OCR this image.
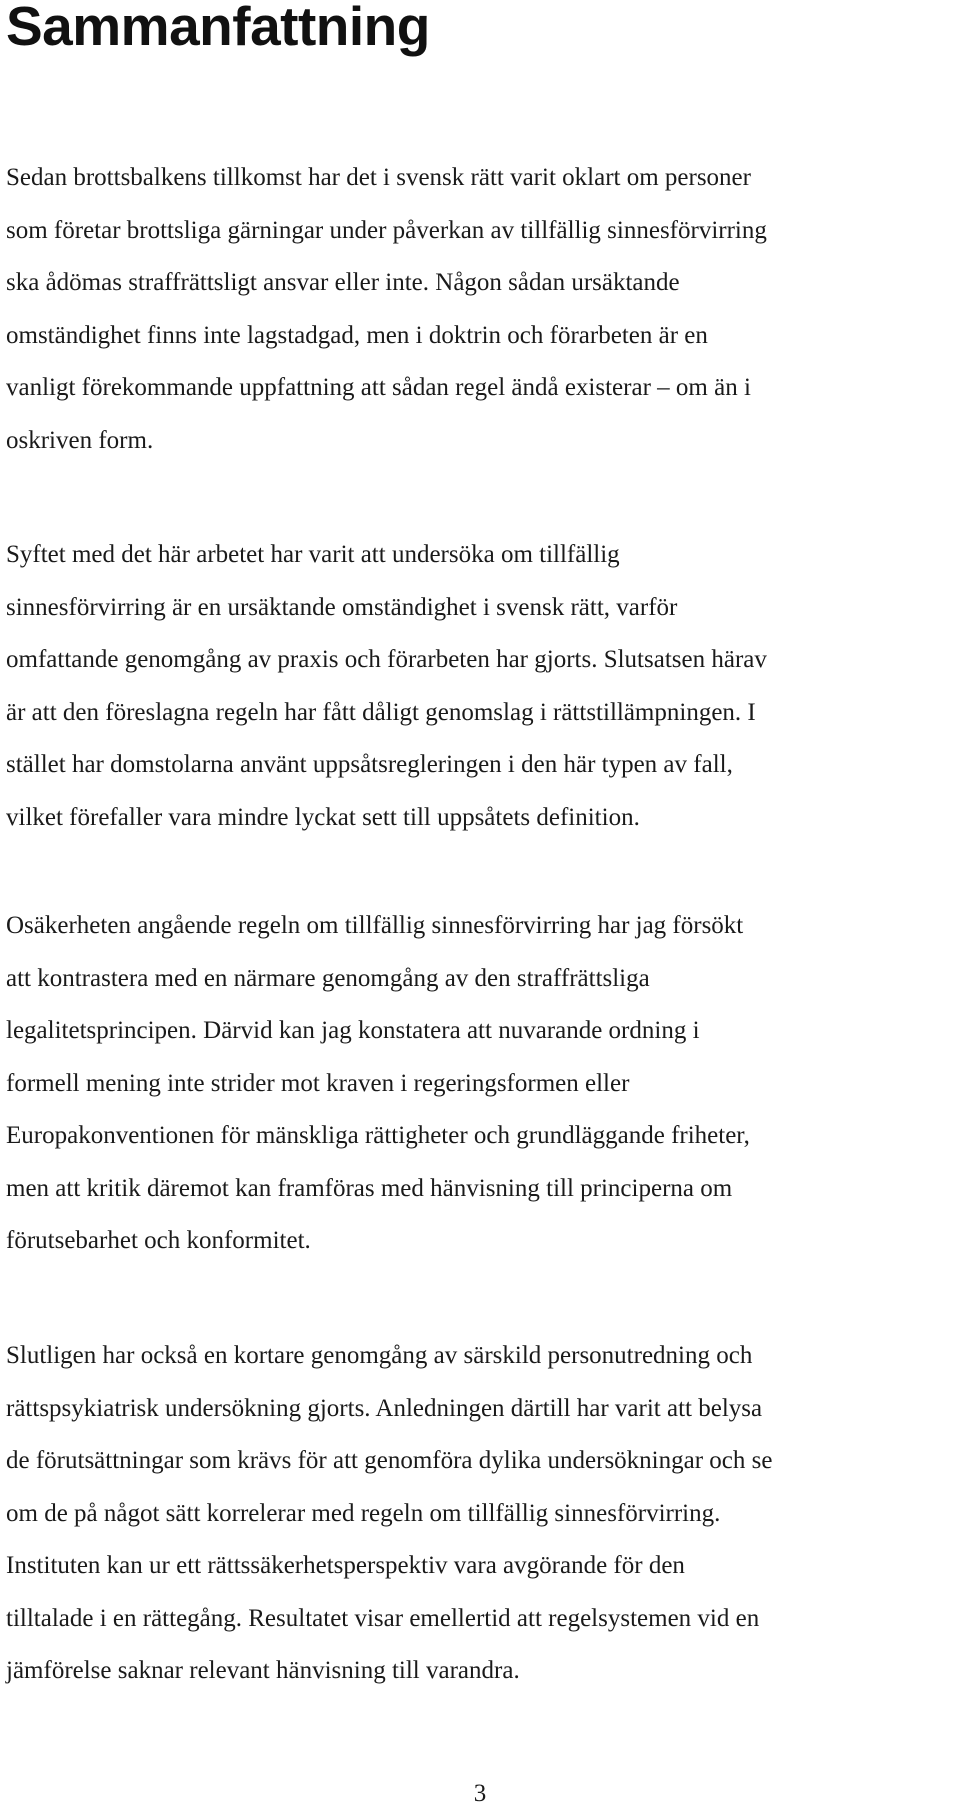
Sammanfattning
Sedan brottsbalkens tillkomst har det i svensk rätt varit oklart om personer
som företar brottsliga gärningar under påverkan av tillfällig sinnesförvirring
ska ådömas straffrättsligt ansvar eller inte. Någon sådan ursäktande
omständighet finns inte lagstadgad, men i doktrin och förarbeten är en
vanligt förekommande uppfattning att sådan regel ändå existerar – om än i
oskriven form.
Syftet med det här arbetet har varit att undersöka om tillfällig
sinnesförvirring är en ursäktande omständighet i svensk rätt, varför
omfattande genomgång av praxis och förarbeten har gjorts. Slutsatsen härav
är att den föreslagna regeln har fått dåligt genomslag i rättstillämpningen. I
stället har domstolarna använt uppsåtsregleringen i den här typen av fall,
vilket förefaller vara mindre lyckat sett till uppsåtets definition.
Osäkerheten angående regeln om tillfällig sinnesförvirring har jag försökt
att kontrastera med en närmare genomgång av den straffrättsliga
legalitetsprincipen. Därvid kan jag konstatera att nuvarande ordning i
formell mening inte strider mot kraven i regeringsformen eller
Europakonventionen för mänskliga rättigheter och grundläggande friheter,
men att kritik däremot kan framföras med hänvisning till principerna om
förutsebarhet och konformitet.
Slutligen har också en kortare genomgång av särskild personutredning och
rättspsykiatrisk undersökning gjorts. Anledningen därtill har varit att belysa
de förutsättningar som krävs för att genomföra dylika undersökningar och se
om de på något sätt korrelerar med regeln om tillfällig sinnesförvirring.
Instituten kan ur ett rättssäkerhetsperspektiv vara avgörande för den
tilltalade i en rättegång. Resultatet visar emellertid att regelsystemen vid en
jämförelse saknar relevant hänvisning till varandra.
3
